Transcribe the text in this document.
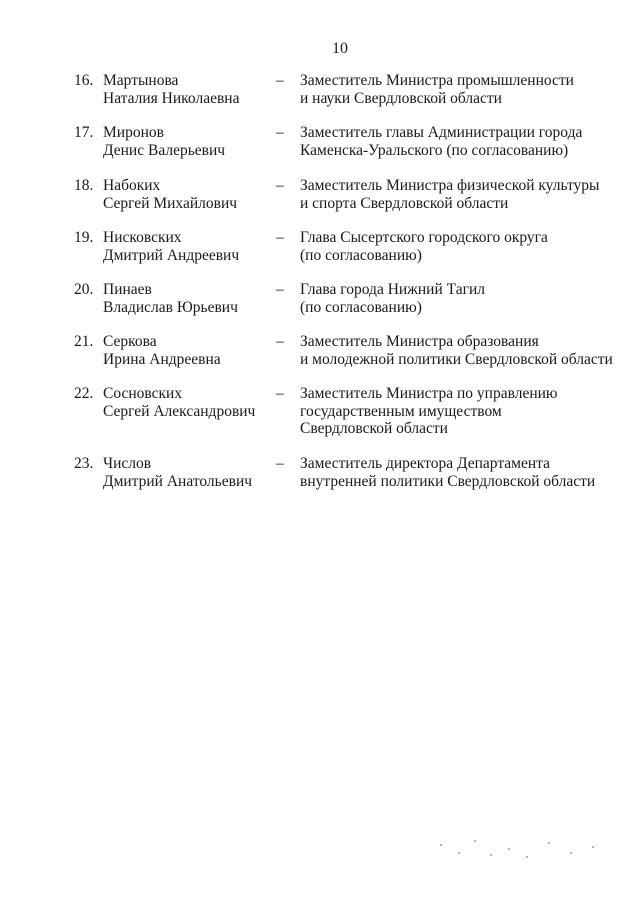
10
16. Мартынова
Наталия Николаевна
– Заместитель Министра промышленности
и науки Свердловской области
17. Миронов
Денис Валерьевич
– Заместитель главы Администрации города
Каменска-Уральского (по согласованию)
18. Набоких
Сергей Михайлович
– Заместитель Министра физической культуры
и спорта Свердловской области
19. Нисковских
Дмитрий Андреевич
– Глава Сысертского городского округа
(по согласованию)
20. Пинаев
Владислав Юрьевич
– Глава города Нижний Тагил
(по согласованию)
21. Серкова
Ирина Андреевна
– Заместитель Министра образования
и молодежной политики Свердловской области
22. Сосновских
Сергей Александрович
– Заместитель Министра по управлению
государственным имуществом
Свердловской области
23. Числов
Дмитрий Анатольевич
– Заместитель директора Департамента
внутренней политики Свердловской области
